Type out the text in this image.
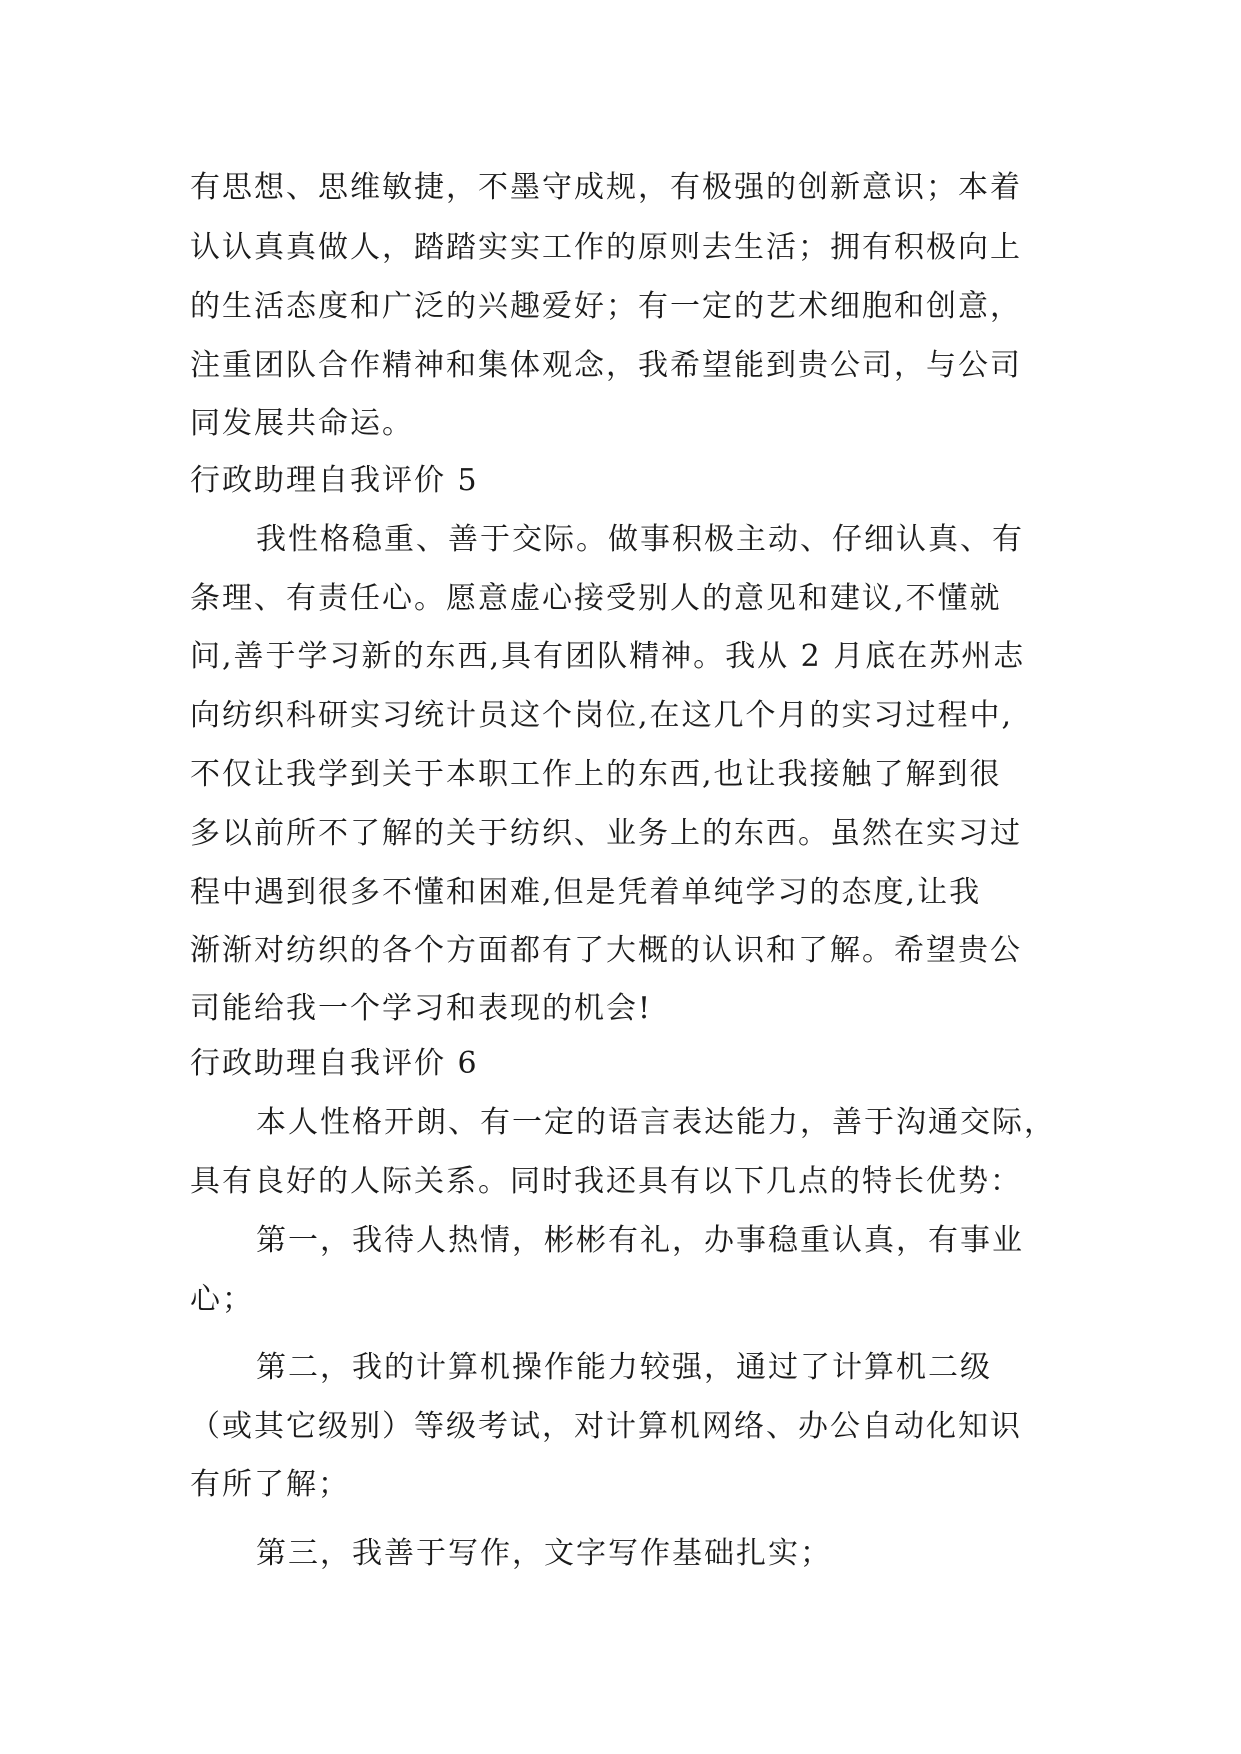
有思想、思维敏捷，不墨守成规，有极强的创新意识；本着
认认真真做人，踏踏实实工作的原则去生活；拥有积极向上
的生活态度和广泛的兴趣爱好；有一定的艺术细胞和创意，
注重团队合作精神和集体观念，我希望能到贵公司，与公司
同发展共命运。
行政助理自我评价 5
我性格稳重、善于交际。做事积极主动、仔细认真、有
条理、有责任心。愿意虚心接受别人的意见和建议,不懂就
问,善于学习新的东西,具有团队精神。我从 2 月底在苏州志
向纺织科研实习统计员这个岗位,在这几个月的实习过程中,
不仅让我学到关于本职工作上的东西,也让我接触了解到很
多以前所不了解的关于纺织、业务上的东西。虽然在实习过
程中遇到很多不懂和困难,但是凭着单纯学习的态度,让我
渐渐对纺织的各个方面都有了大概的认识和了解。希望贵公
司能给我一个学习和表现的机会!
行政助理自我评价 6
本人性格开朗、有一定的语言表达能力，善于沟通交际，
具有良好的人际关系。同时我还具有以下几点的特长优势：
第一，我待人热情，彬彬有礼，办事稳重认真，有事业
心；
第二，我的计算机操作能力较强，通过了计算机二级
（或其它级别）等级考试，对计算机网络、办公自动化知识
有所了解；
第三，我善于写作，文字写作基础扎实；
